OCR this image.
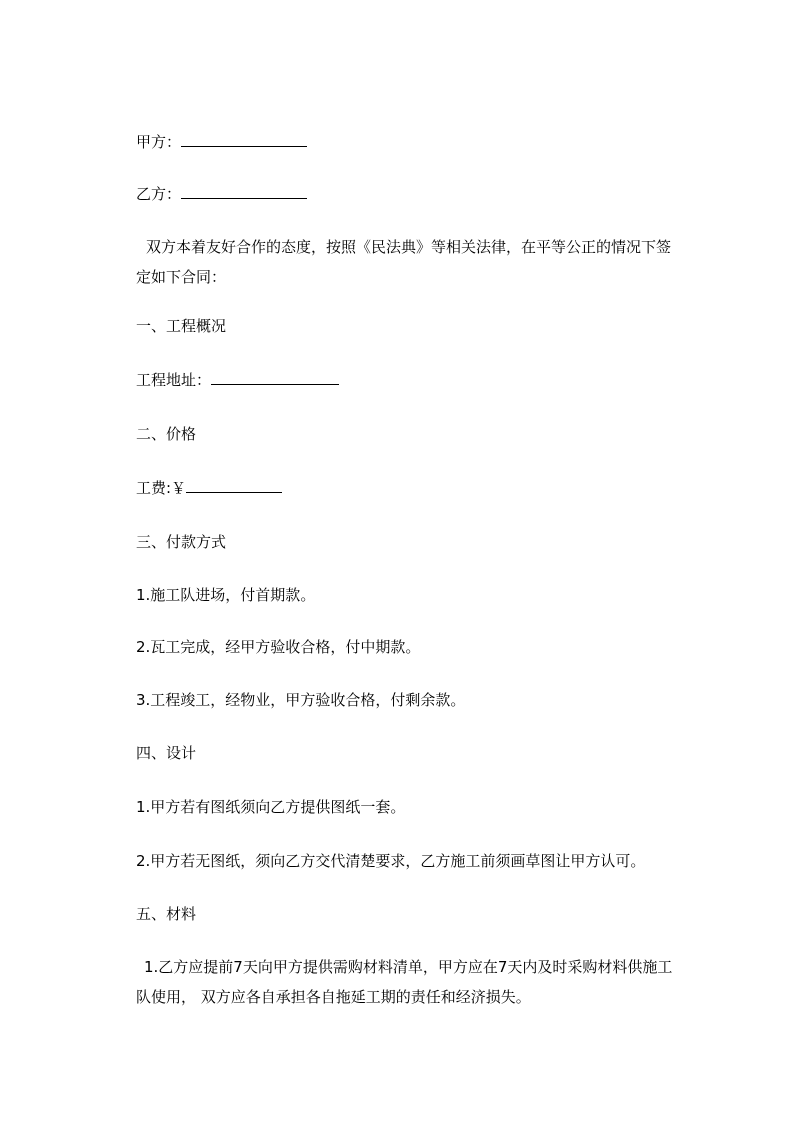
甲方：
乙方：
双方本着友好合作的态度，按照《民法典》等相关法律，在平等公正的情况下签定如下合同：
一、工程概况
工程地址：
二、价格
工费:￥
三、付款方式
1.施工队进场，付首期款。
2.瓦工完成，经甲方验收合格，付中期款。
3.工程竣工，经物业，甲方验收合格，付剩余款。
四、设计
1.甲方若有图纸须向乙方提供图纸一套。
2.甲方若无图纸，须向乙方交代清楚要求，乙方施工前须画草图让甲方认可。
五、材料
1.乙方应提前7天向甲方提供需购材料清单，甲方应在7天内及时采购材料供施工队使用， 双方应各自承担各自拖延工期的责任和经济损失。
